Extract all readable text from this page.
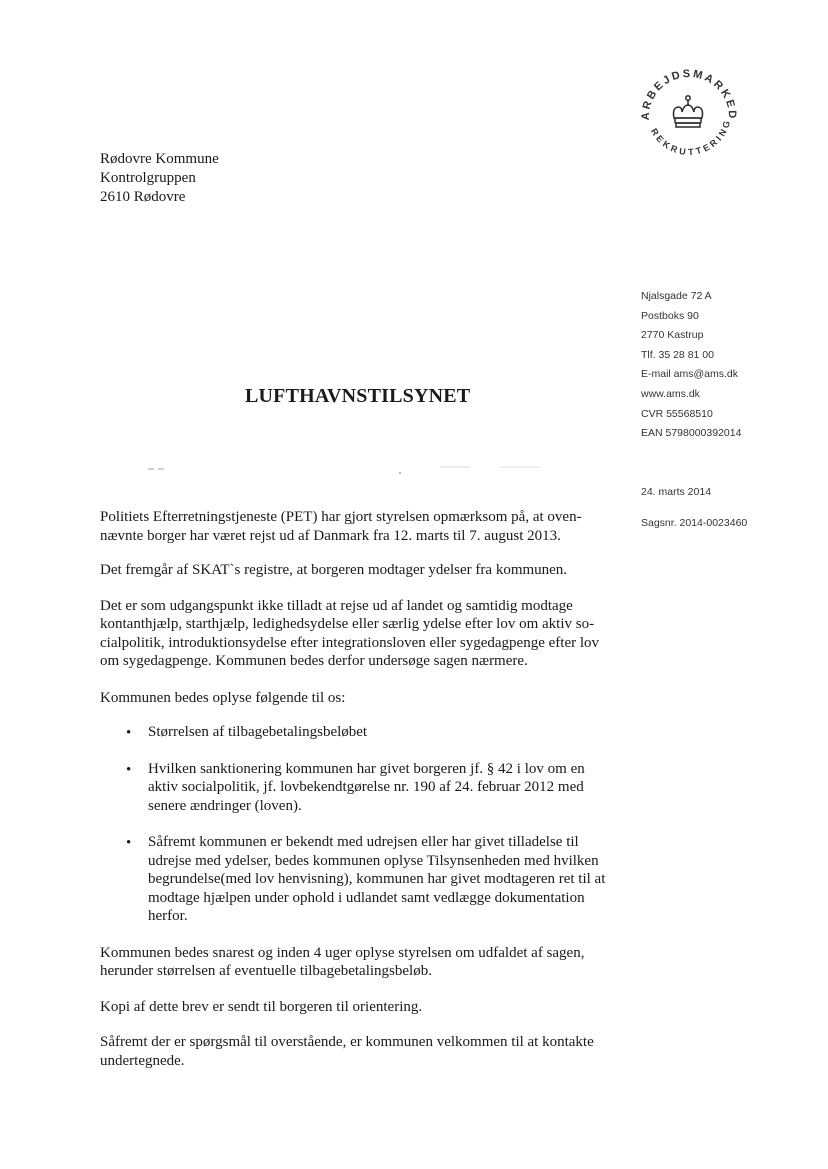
Rødovre Kommune
Kontrolgruppen
2610 Rødovre
ARBEJDSMARKED
REKRUTTERING
Njalsgade 72 A
Postboks 90
2770 Kastrup
Tlf. 35 28 81 00
E-mail ams@ams.dk
www.ams.dk
CVR 55568510
EAN 5798000392014
24. marts 2014
Sagsnr. 2014-0023460
LUFTHAVNSTILSYNET

Politiets Efterretningstjeneste (PET) har gjort styrelsen opmærksom på, at oven-nævnte borger har været rejst ud af Danmark fra 12. marts til 7. august 2013.

Det fremgår af SKAT`s registre, at borgeren modtager ydelser fra kommunen.

Det er som udgangspunkt ikke tilladt at rejse ud af landet og samtidig modtage kontanthjælp, starthjælp, ledighedsydelse eller særlig ydelse efter lov om aktiv so-cialpolitik, introduktionsydelse efter integrationsloven eller sygedagpenge efter lov om sygedagpenge. Kommunen bedes derfor undersøge sagen nærmere.

Kommunen bedes oplyse følgende til os:

• Størrelsen af tilbagebetalingsbeløbet
• Hvilken sanktionering kommunen har givet borgeren jf. § 42 i lov om en aktiv socialpolitik, jf. lovbekendtgørelse nr. 190 af 24. februar 2012 med senere ændringer (loven).
• Såfremt kommunen er bekendt med udrejsen eller har givet tilladelse til udrejse med ydelser, bedes kommunen oplyse Tilsynsenheden med hvilken begrundelse(med lov henvisning), kommunen har givet modtageren ret til at modtage hjælpen under ophold i udlandet samt vedlægge dokumentation herfor.

Kommunen bedes snarest og inden 4 uger oplyse styrelsen om udfaldet af sagen, herunder størrelsen af eventuelle tilbagebetalingsbeløb.

Kopi af dette brev er sendt til borgeren til orientering.

Såfremt der er spørgsmål til overstående, er kommunen velkommen til at kontakte undertegnede.
